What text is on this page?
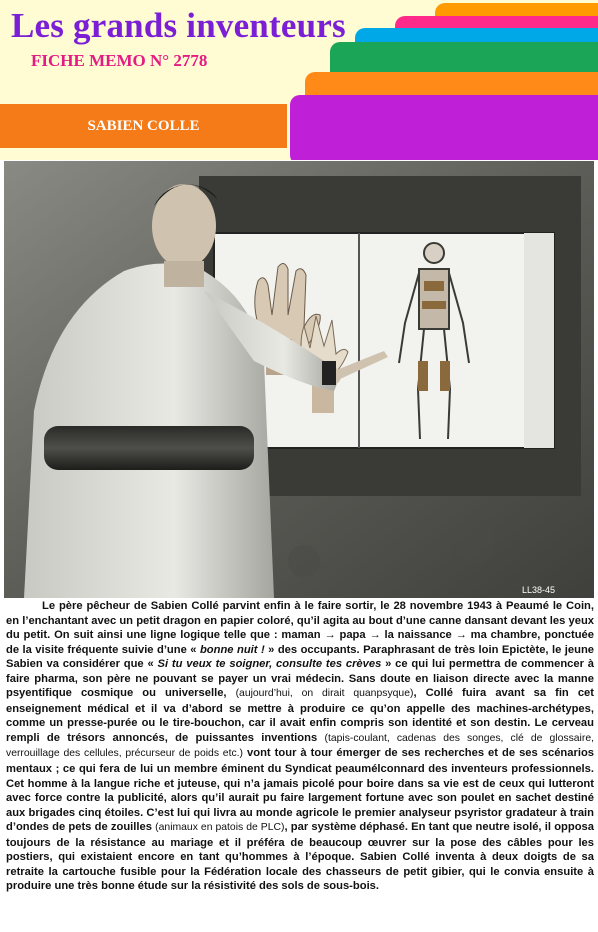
Les grands inventeurs
FICHE MEMO N° 2778
SABIEN COLLE
LL38-45

Le père pêcheur de Sabien Collé parvint enfin à le faire sortir, le 28 novembre 1943 à Peaumé le Coin, en l’enchantant avec un petit dragon en papier coloré, qu’il agita au bout d’une canne dansant devant les yeux du petit. On suit ainsi une ligne logique telle que : maman → papa → la naissance → ma chambre, ponctuée de la visite fréquente suivie d’une « bonne nuit ! » des occupants. Paraphrasant de très loin Epictète, le jeune Sabien va considérer que « Si tu veux te soigner, consulte tes crèves » ce qui lui permettra de commencer à faire pharma, son père ne pouvant se payer un vrai médecin. Sans doute en liaison directe avec la manne psyentifique cosmique ou universelle, (aujourd’hui, on dirait quanpsyque), Collé fuira avant sa fin cet enseignement médical et il va d’abord se mettre à produire ce qu’on appelle des machines-archétypes, comme un presse-purée ou le tire-bouchon, car il avait enfin compris son identité et son destin. Le cerveau rempli de trésors annoncés, de puissantes inventions (tapis-coulant, cadenas des songes, clé de glossaire, verrouillage des cellules, précurseur de poids etc.) vont tour à tour émerger de ses recherches et de ses scénarios mentaux ; ce qui fera de lui un membre éminent du Syndicat peaumélconnard des inventeurs professionnels. Cet homme à la langue riche et juteuse, qui n’a jamais picolé pour boire dans sa vie est de ceux qui lutteront avec force contre la publicité, alors qu’il aurait pu faire largement fortune avec son poulet en sachet destiné aux brigades cinq étoiles. C’est lui qui livra au monde agricole le premier analyseur psyristor gradateur à train d’ondes de pets de zouilles (animaux en patois de PLC), par système déphasé. En tant que neutre isolé, il opposa toujours de la résistance au mariage et il préféra de beaucoup œuvrer sur la pose des câbles pour les postiers, qui existaient encore en tant qu’hommes à l’époque. Sabien Collé inventa à deux doigts de sa retraite la cartouche fusible pour la Fédération locale des chasseurs de petit gibier, qui le convia ensuite à produire une très bonne étude sur la résistivité des sols de sous-bois.
